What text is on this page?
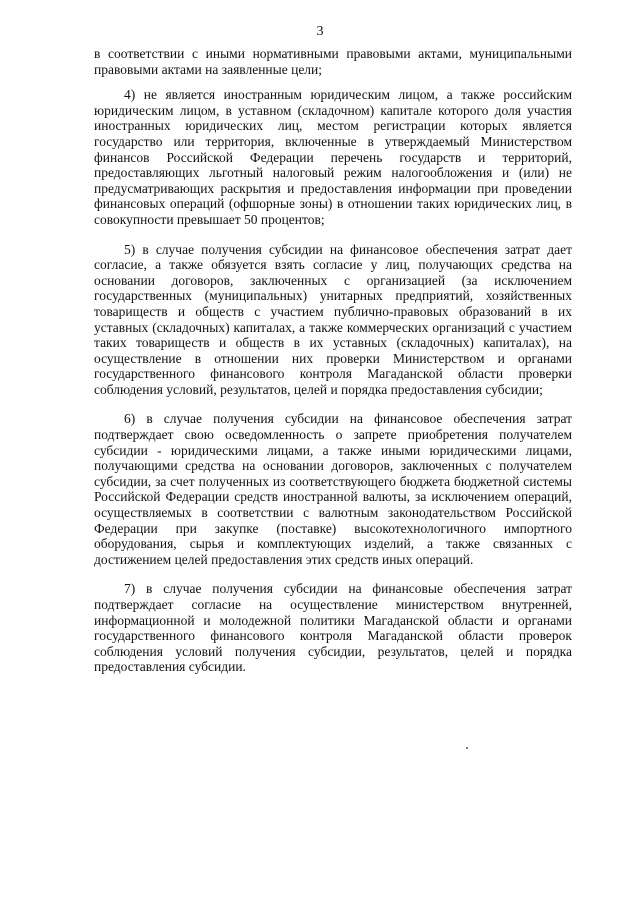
3

в соответствии с иными нормативными правовыми актами, муниципальными правовыми актами на заявленные цели;

4) не является иностранным юридическим лицом, а также российским юридическим лицом, в уставном (складочном) капитале которого доля участия иностранных юридических лиц, местом регистрации которых является государство или территория, включенные в утверждаемый Министерством финансов Российской Федерации перечень государств и территорий, предоставляющих льготный налоговый режим налогообложения и (или) не предусматривающих раскрытия и предоставления информации при проведении финансовых операций (офшорные зоны) в отношении таких юридических лиц, в совокупности превышает 50 процентов;

5) в случае получения субсидии на финансовое обеспечения затрат дает согласие, а также обязуется взять согласие у лиц, получающих средства на основании договоров, заключенных с организацией (за исключением государственных (муниципальных) унитарных предприятий, хозяйственных товариществ и обществ с участием публично-правовых образований в их уставных (складочных) капиталах, а также коммерческих организаций с участием таких товариществ и обществ в их уставных (складочных) капиталах), на осуществление в отношении них проверки Министерством и органами государственного финансового контроля Магаданской области проверки соблюдения условий, результатов, целей и порядка предоставления субсидии;

6) в случае получения субсидии на финансовое обеспечения затрат подтверждает свою осведомленность о запрете приобретения получателем субсидии - юридическими лицами, а также иными юридическими лицами, получающими средства на основании договоров, заключенных с получателем субсидии, за счет полученных из соответствующего бюджета бюджетной системы Российской Федерации средств иностранной валюты, за исключением операций, осуществляемых в соответствии с валютным законодательством Российской Федерации при закупке (поставке) высокотехнологичного импортного оборудования, сырья и комплектующих изделий, а также связанных с достижением целей предоставления этих средств иных операций.

7) в случае получения субсидии на финансовые обеспечения затрат подтверждает согласие на осуществление министерством внутренней, информационной и молодежной политики Магаданской области и органами государственного финансового контроля Магаданской области проверок соблюдения условий получения субсидии, результатов, целей и порядка предоставления субсидии.
